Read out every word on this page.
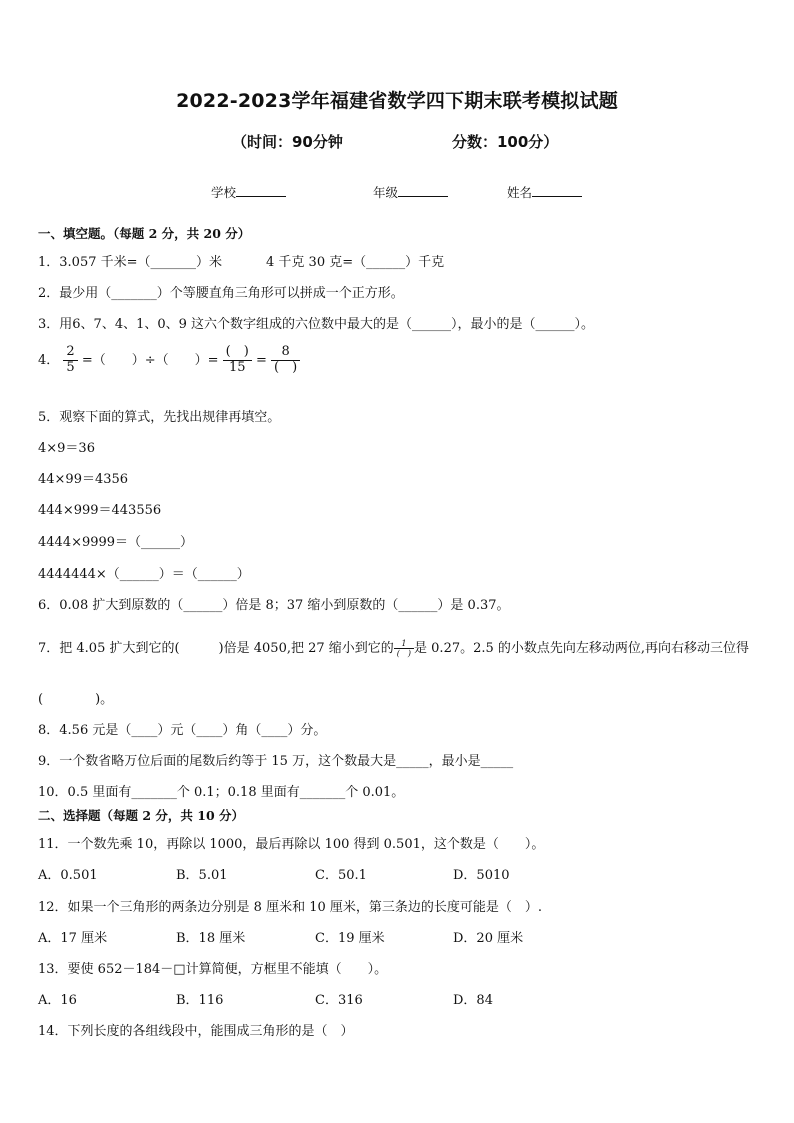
2022-2023学年福建省数学四下期末联考模拟试题
（时间：90分钟	分数：100分）
学校	年级	姓名
一、填空题。（每题 2 分，共 20 分）
1．3.057 千米=（_______）米	4 千克 30 克=（______）千克
2．最少用（_______）个等腰直角三角形可以拼成一个正方形。
3．用6、7、4、1、0、9 这六个数字组成的六位数中最大的是（______），最小的是（______）。
4． $\frac{2}{5}$ =（　　）÷（　　）= $\frac{( )}{15} = \frac{8}{( )}$
5．观察下面的算式，先找出规律再填空。
4×9＝36
44×99＝4356
444×999＝443556
4444×9999＝（______）
4444444×（______）＝（______）
6．0.08 扩大到原数的（______）倍是 8；37 缩小到原数的（______）是 0.37。
7．把 4.05 扩大到它的(　　　)倍是 4050,把 27 缩小到它的 $\frac{1}{( )}$ 是 0.27。2.5 的小数点先向左移动两位,再向右移动三位得
(　　　　)。
8．4.56 元是（____）元（____）角（____）分。
9．一个数省略万位后面的尾数后约等于 15 万，这个数最大是_____，最小是_____
10．0.5 里面有_______个 0.1；0.18 里面有_______个 0.01。
二、选择题（每题 2 分，共 10 分）
11．一个数先乘 10，再除以 1000，最后再除以 100 得到 0.501，这个数是（　　）。
A．0.501	B．5.01	C．50.1	D．5010
12．如果一个三角形的两条边分别是 8 厘米和 10 厘米，第三条边的长度可能是（　）.
A．17 厘米	B．18 厘米	C．19 厘米	D．20 厘米
13．要使 652－184－□计算简便，方框里不能填（　　）。
A．16	B．116	C．316	D．84
14．下列长度的各组线段中，能围成三角形的是（　）
